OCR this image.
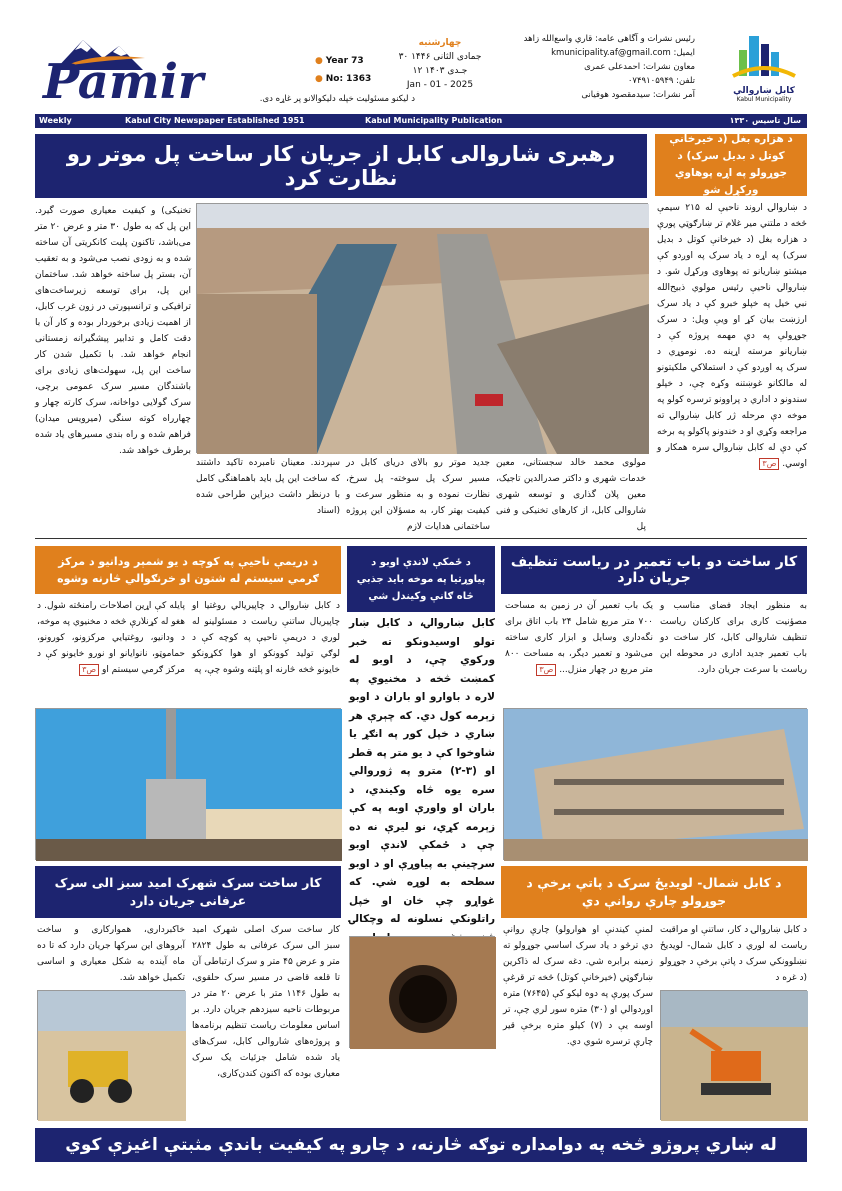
Pamir	● Year 73
● No: 1363
چهارشنبه
۳۰ جمادی الثانی ۱۴۴۶
۱۲ جـدی ۱۴۰۳
Jan - 01 - 2025
د لیکنو مسئولیت خپله دلیکوالانو پر غاړه دی.
رئیس نشرات و آگاهی عامه: قاري واسع‌الله زاهد
ایمیل: kmunicipality.af@gmail.com
معاون نشرات: احمدعلی عمری
تلفن: ۰۷۴۹۱۰۵۹۴۹
آمر نشرات: سیدمقصود هوفیانی	کابل ښاروالي
Kabul Municipality
Weekly	Kabul City Newspaper Established 1951	Kabul Municipality Publication	سال تاسیس ۱۳۳۰
رهبری شاروالی کابل از جریان کار ساخت پل موتر رو نظارت کرد
تخنیکی) و کیفیت معیاری صورت گیرد. این پل که به طول ۳۰ متر و عرض ۲۰ متر می‌باشد، تاکنون پلیت کانکریتی آن ساخته شده و به زودی نصب می‌شود و به تعقیب آن، بستر پل ساخته خواهد شد. ساختمان این پل، برای توسعه زیرساخت‌های ترافیکی و ترانسپورتی در زون غرب کابل، از اهمیت زیادی برخوردار بوده و کار آن با دقت کامل و تدابیر پیشگیرانه زمستانی انجام خواهد شد. با تکمیل شدن کار ساخت این پل، سهولت‌های زیادی برای باشندگان مسیر سرک عمومی برچی، سرک گولایی دواخانه، سرک کارته چهار و چهارراه کوته سنگی (میرویس میدان) فراهم شده و راه بندی مسیرهای یاد شده برطرف خواهد شد.
سپردند. معینان نامبرده تاکید داشتند که ساخت این پل باید باهماهنگی کامل با درنظر داشت دیزاین طراحی شده (اسناد
جدید موتر رو بالای دریای کابل در مسیر سرک پل سوخته- پل سرخ، نظارت نموده و به منظور سرعت و کیفیت بهتر کار، به مسؤلان این پروژه ساختمانی هدایات لازم
مولوی محمد خالد سجستانی، معین خدمات شهری و داکتر صدرالدین تاجیک، معین پلان گذاری و توسعه شهری شاروالی کابل، از کارهای تخنیکی و فنی پل
د هزاره بغل (د خیرخانې کوتل د بدیل سرک) د جوړولو په اړه پوهاوي ورکړل شو
د ښاروالۍ اروند ناحیې له ۲۱۵ سیمې څخه د ملتني میر غلام تر ښارګوټي پورې د هزاره بغل (د خیرخانې کوتل د بدیل سرک) په اړه د یاد سرک په اوږدو کې میشتو ښاریانو ته پوهاوی ورکړل شو. د ښاروالۍ ناحیې رئیس مولوي ذبیح‌الله نبي خیل په خپلو خبرو کې د یاد سرک ارزښت بیان کړ او ویې ویل: د سرک جوړولې په دې مهمه پروژه کې د ښاریانو مرسته اړینه ده. نوموړي د سرک په اوږدو کې د استملاکي ملکیتونو له مالکانو غوښتنه وکړه چې، د خپلو سندونو د اداري د پراوونو ترسره کولو په موخه دې مرحله ژر کابل ښاروالۍ ته مراجعه وکړي او د خندونو پاکولو په برخه کې دې له کابل ښاروالۍ سره همکار و اوسي. ص۳
کار ساخت دو باب تعمیر در ریاست تنظیف جریان دارد
به منظور ایجاد فضای مناسب و مصؤنیت کاری برای کارکنان ریاست تنظیف شاروالی کابل، کار ساخت دو باب تعمیر جدید اداری در محوطه این ریاست با سرعت جریان دارد.
یک باب تعمیر آن در زمین به مساحت ۷۰۰ متر مربع شامل ۲۴ باب اتاق برای نگه‌داری وسایل و ابزار کاری ساخته می‌شود و تعمیر دیگر، به مساحت ۸۰۰ متر مربع در چهار منزل... ص۳
د ځمکې لاندې اوبو د پیاوړتیا په موخه باید جذبي څاه ګانې وکیندل شي
کابل ښاروالۍ، د کابل ښار تولو اوسیدونکو ته خبر ورکوي چې، د اوبو له کمښت څخه د مخنیوي په لاره د باوارو او باران د اوبو زېرمه کول دي. که چېرې هر ښاري د خپل کور په انګړ یا شاوخوا کې د یو متر په قطر او (۳-۲) مترو په ژوروالي سره یوه څاه وکیندي، د باران او واورې اوبه په کې زېرمه کړي، نو لیرې نه ده چې د ځمکې لاندې اوبو سرچینې به پیاوړې او د اوبو سطحه به لوړه شي. که غواړو چې خان او خپل راتلونکي نسلونه له وچکالۍ
د دریمې ناحیې په کوچه د یو شمېر ودانیو د مرکز ګرمي سیستم له شتون او خرنګوالي څارنه وشوه
د کابل ښاروالۍ د چاپیریالي روغتیا او چاپیریال ساتنې ریاست د مسئولینو له لوري د دریمې ناحیې په کوچه کې د لوګي تولید کوونکو او هوا ککړونکو خایونو څخه څارنه او پلټنه وشوه چې، په
پایله کې اړین اصلاحات رامنځته شول. د هغو له کړنلارې څخه د مخنیوي په موخه، د ودانیو، روغتیایي مرکزونو، کورونو، حماموټو، نانوایانو او نورو خایونو کې د مرکز ګرمي سیستم او ص۳
کار ساخت سرک شهرک امید سبز الی سرک عرفانی جریان دارد
کار ساخت سرک اصلی شهرک امید سبز الی سرک عرفانی به طول ۲۸۲۴ متر و عرض ۴۵ متر و سرک ارتباطی آن تا قلعه قاضی در مسیر سرک حلقوی، به طول ۱۱۴۶ متر با عرض ۲۰ متر در مربوطات ناحیه سیزدهم جریان دارد. بر اساس معلومات ریاست تنظیم برنامه‌ها و پروژه‌های شاروالی کابل، سرک‌های یاد شده شامل جزئیات یک سرک معیاری بوده که اکنون کندن‌کاری،
خاکبرداری، هموارکاری و ساخت آبروهای این سرکها جریان دارد که تا ده ماه آینده به شکل معیاری و اساسی تکمیل خواهد شد.
د کابل شمال- لویدیځ سرک د پاتې برخې د جوړولو چارې روانې دي
د کابل ښاروالۍ د کار، ساتنې او مراقبت ریاست له لوري د کابل شمال- لویدیځ نښلوونکي سرک د پاتې برخې د جوړولو (د غره د
لمنې کیندنې او هوارولو) چارې روانې دي ترڅو د یاد سرک اساسي جوړولو ته زمینه برابره شي. دغه سرک له ذاکرین ښارګوټي (خیرخانې کوتل) څخه تر قرغې سرک پورې په دوه لیکو کې (۷۶۴۵) متره اوږدوالي او (۳۰) متره سور لري چې، تر اوسه یې د (۷) کیلو متره برخې قیر چارې ترسره شوي دي.
له ښاري پروژو څخه په دوامداره توګه څارنه، د چارو په کیفیت باندې مثبتې اغیزې کوي
